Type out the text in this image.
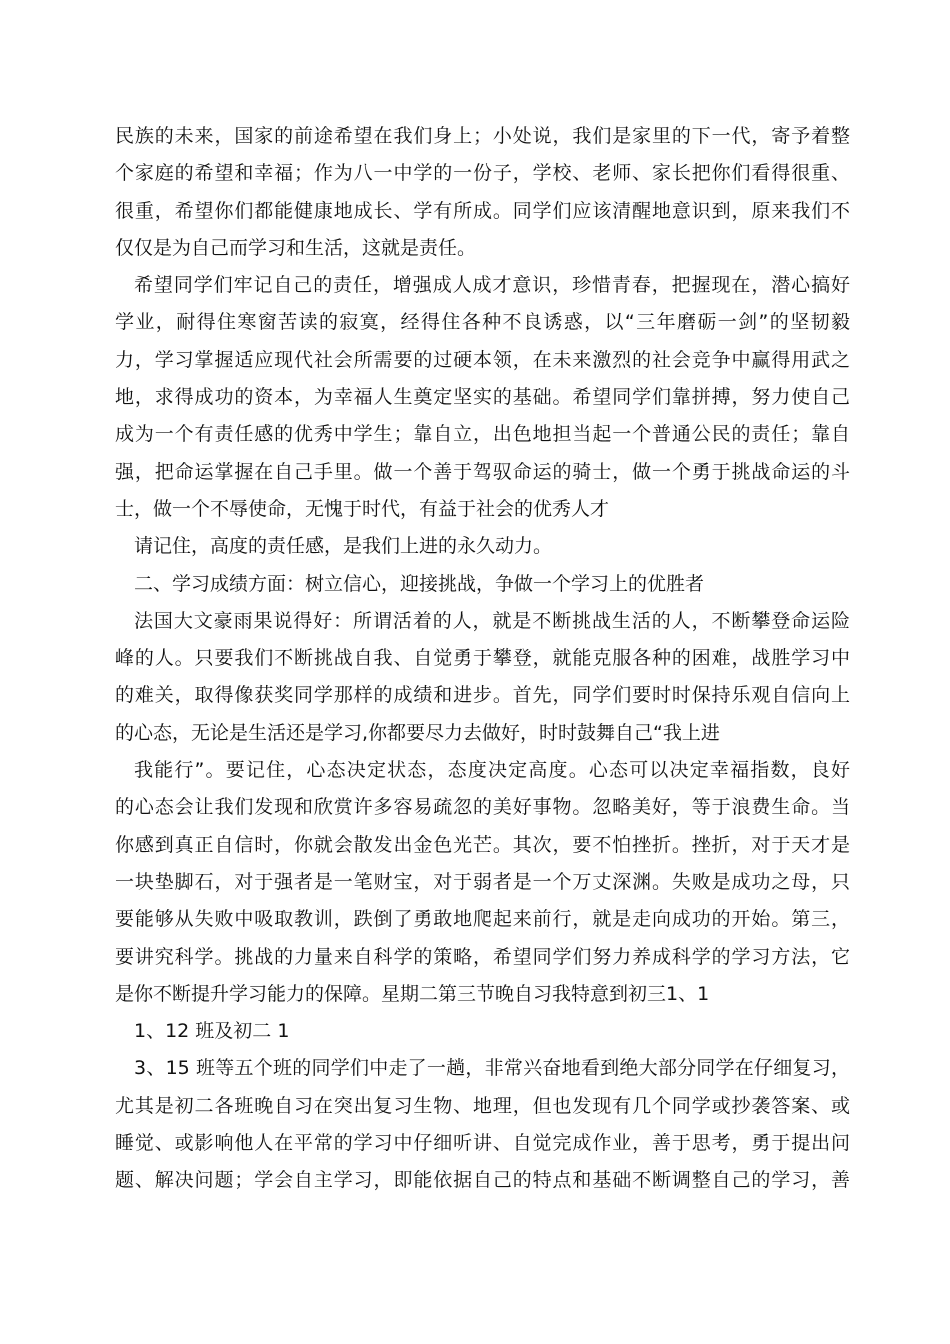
民族的未来，国家的前途希望在我们身上；小处说，我们是家里的下一代，寄予着整
个家庭的希望和幸福；作为八一中学的一份子，学校、老师、家长把你们看得很重、
很重，希望你们都能健康地成长、学有所成。同学们应该清醒地意识到，原来我们不
仅仅是为自己而学习和生活，这就是责任。
希望同学们牢记自己的责任，增强成人成才意识，珍惜青春，把握现在，潜心搞好
学业，耐得住寒窗苦读的寂寞，经得住各种不良诱惑，以“三年磨砺一剑”的坚韧毅
力，学习掌握适应现代社会所需要的过硬本领，在未来激烈的社会竞争中赢得用武之
地，求得成功的资本，为幸福人生奠定坚实的基础。希望同学们靠拼搏，努力使自己
成为一个有责任感的优秀中学生；靠自立，出色地担当起一个普通公民的责任；靠自
强，把命运掌握在自己手里。做一个善于驾驭命运的骑士，做一个勇于挑战命运的斗
士，做一个不辱使命，无愧于时代，有益于社会的优秀人才
请记住，高度的责任感，是我们上进的永久动力。
二、学习成绩方面：树立信心，迎接挑战，争做一个学习上的优胜者
法国大文豪雨果说得好：所谓活着的人，就是不断挑战生活的人，不断攀登命运险
峰的人。只要我们不断挑战自我、自觉勇于攀登，就能克服各种的困难，战胜学习中
的难关，取得像获奖同学那样的成绩和进步。首先，同学们要时时保持乐观自信向上
的心态，无论是生活还是学习,你都要尽力去做好，时时鼓舞自己“我上进
我能行”。要记住，心态决定状态，态度决定高度。心态可以决定幸福指数，良好
的心态会让我们发现和欣赏许多容易疏忽的美好事物。忽略美好，等于浪费生命。当
你感到真正自信时，你就会散发出金色光芒。其次，要不怕挫折。挫折，对于天才是
一块垫脚石，对于强者是一笔财宝，对于弱者是一个万丈深渊。失败是成功之母，只
要能够从失败中吸取教训，跌倒了勇敢地爬起来前行，就是走向成功的开始。第三，
要讲究科学。挑战的力量来自科学的策略，希望同学们努力养成科学的学习方法，它
是你不断提升学习能力的保障。星期二第三节晚自习我特意到初三1、1
1、12 班及初二 1
3、15 班等五个班的同学们中走了一趟，非常兴奋地看到绝大部分同学在仔细复习，
尤其是初二各班晚自习在突出复习生物、地理，但也发现有几个同学或抄袭答案、或
睡觉、或影响他人在平常的学习中仔细听讲、自觉完成作业，善于思考，勇于提出问
题、解决问题；学会自主学习，即能依据自己的特点和基础不断调整自己的学习，善
